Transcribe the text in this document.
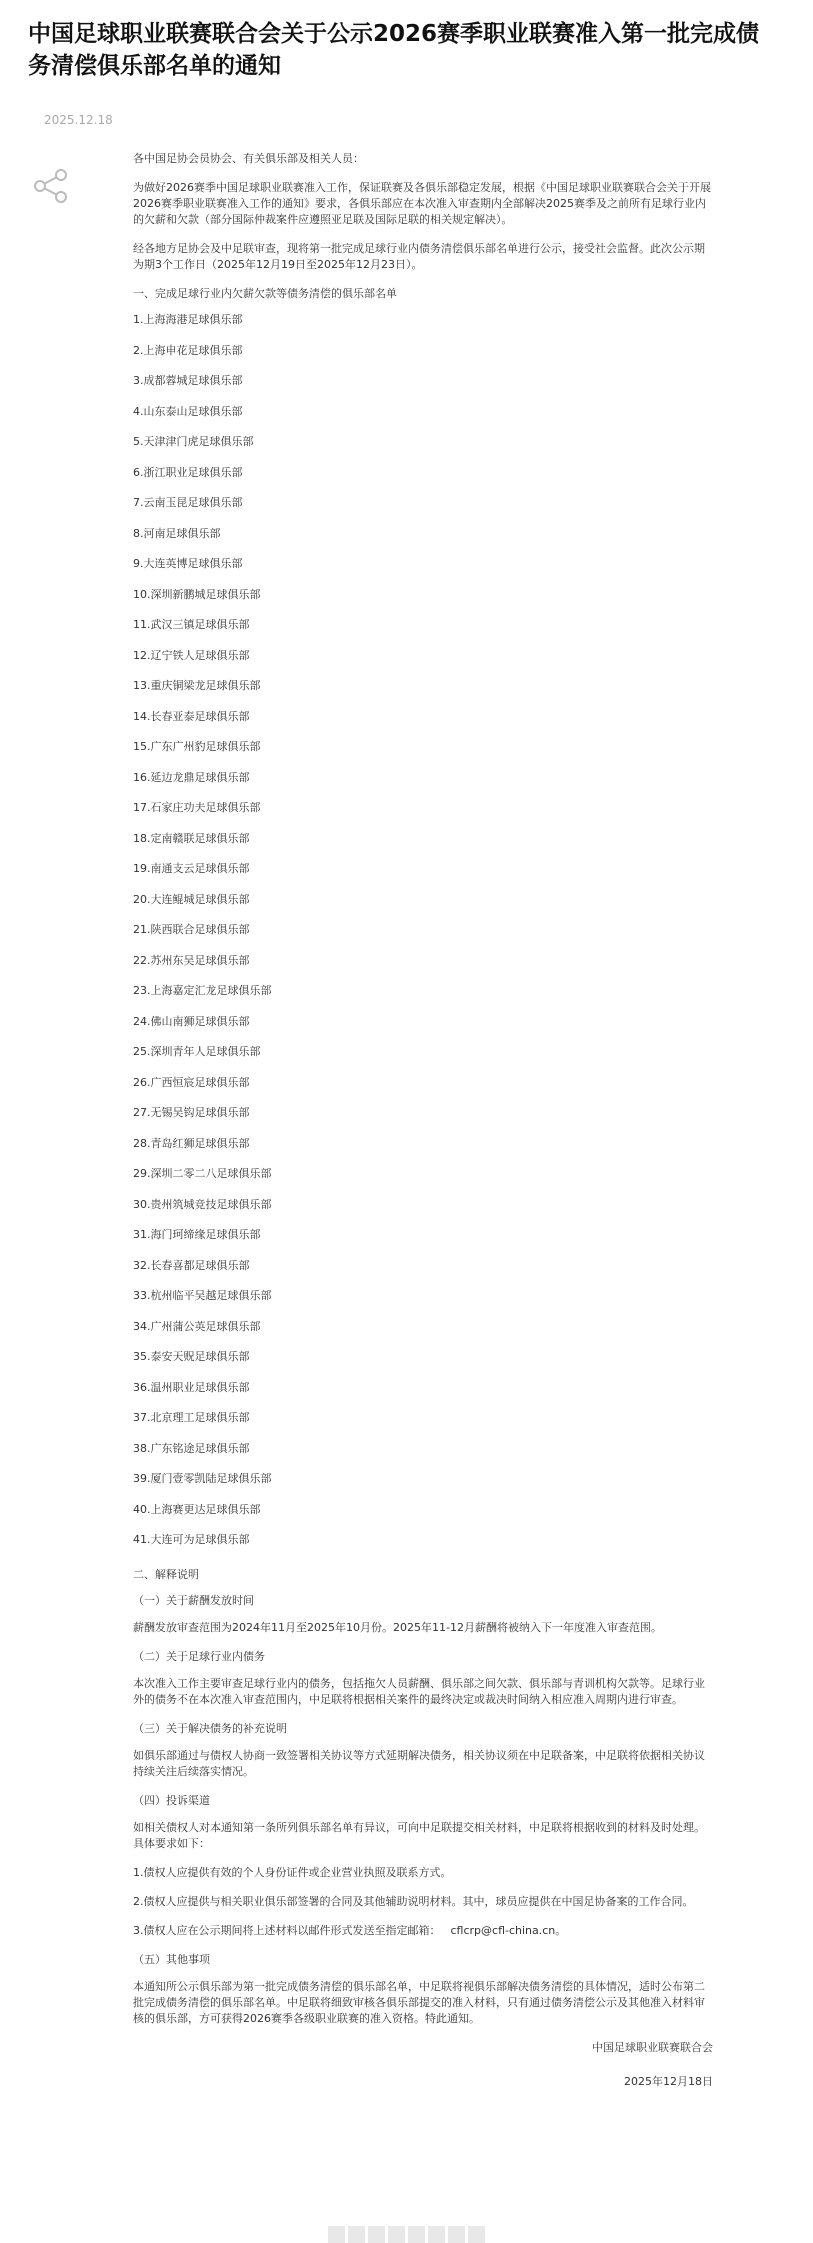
中国足球职业联赛联合会关于公示2026赛季职业联赛准入第一批完成债务清偿俱乐部名单的通知
2025.12.18

各中国足协会员协会、有关俱乐部及相关人员：

为做好2026赛季中国足球职业联赛准入工作，保证联赛及各俱乐部稳定发展，根据《中国足球职业联赛联合会关于开展2026赛季职业联赛准入工作的通知》要求，各俱乐部应在本次准入审查期内全部解决2025赛季及之前所有足球行业内的欠薪和欠款（部分国际仲裁案件应遵照亚足联及国际足联的相关规定解决）。

经各地方足协会及中足联审查，现将第一批完成足球行业内债务清偿俱乐部名单进行公示，接受社会监督。此次公示期为期3个工作日（2025年12月19日至2025年12月23日）。

一、完成足球行业内欠薪欠款等债务清偿的俱乐部名单

1.上海海港足球俱乐部
2.上海申花足球俱乐部
3.成都蓉城足球俱乐部
4.山东泰山足球俱乐部
5.天津津门虎足球俱乐部
6.浙江职业足球俱乐部
7.云南玉昆足球俱乐部
8.河南足球俱乐部
9.大连英博足球俱乐部
10.深圳新鹏城足球俱乐部
11.武汉三镇足球俱乐部
12.辽宁铁人足球俱乐部
13.重庆铜梁龙足球俱乐部
14.长春亚泰足球俱乐部
15.广东广州豹足球俱乐部
16.延边龙鼎足球俱乐部
17.石家庄功夫足球俱乐部
18.定南赣联足球俱乐部
19.南通支云足球俱乐部
20.大连鲲城足球俱乐部
21.陕西联合足球俱乐部
22.苏州东吴足球俱乐部
23.上海嘉定汇龙足球俱乐部
24.佛山南狮足球俱乐部
25.深圳青年人足球俱乐部
26.广西恒宸足球俱乐部
27.无锡吴钩足球俱乐部
28.青岛红狮足球俱乐部
29.深圳二零二八足球俱乐部
30.贵州筑城竞技足球俱乐部
31.海门珂缔缘足球俱乐部
32.长春喜都足球俱乐部
33.杭州临平吴越足球俱乐部
34.广州蒲公英足球俱乐部
35.泰安天贶足球俱乐部
36.温州职业足球俱乐部
37.北京理工足球俱乐部
38.广东铭途足球俱乐部
39.厦门壹零凯陆足球俱乐部
40.上海赛更达足球俱乐部
41.大连可为足球俱乐部

二、解释说明

（一）关于薪酬发放时间

薪酬发放审查范围为2024年11月至2025年10月份。2025年11-12月薪酬将被纳入下一年度准入审查范围。

（二）关于足球行业内债务

本次准入工作主要审查足球行业内的债务，包括拖欠人员薪酬、俱乐部之间欠款、俱乐部与青训机构欠款等。足球行业外的债务不在本次准入审查范围内，中足联将根据相关案件的最终决定或裁决时间纳入相应准入周期内进行审查。

（三）关于解决债务的补充说明

如俱乐部通过与债权人协商一致签署相关协议等方式延期解决债务，相关协议须在中足联备案，中足联将依据相关协议持续关注后续落实情况。

（四）投诉渠道

如相关债权人对本通知第一条所列俱乐部名单有异议，可向中足联提交相关材料，中足联将根据收到的材料及时处理。具体要求如下：

1.债权人应提供有效的个人身份证件或企业营业执照及联系方式。

2.债权人应提供与相关职业俱乐部签署的合同及其他辅助说明材料。其中，球员应提供在中国足协备案的工作合同。

3.债权人应在公示期间将上述材料以邮件形式发送至指定邮箱： cflcrp@cfl-china.cn。

（五）其他事项

本通知所公示俱乐部为第一批完成债务清偿的俱乐部名单，中足联将视俱乐部解决债务清偿的具体情况，适时公布第二批完成债务清偿的俱乐部名单。中足联将细致审核各俱乐部提交的准入材料，只有通过债务清偿公示及其他准入材料审核的俱乐部，方可获得2026赛季各级职业联赛的准入资格。特此通知。

中国足球职业联赛联合会

2025年12月18日
